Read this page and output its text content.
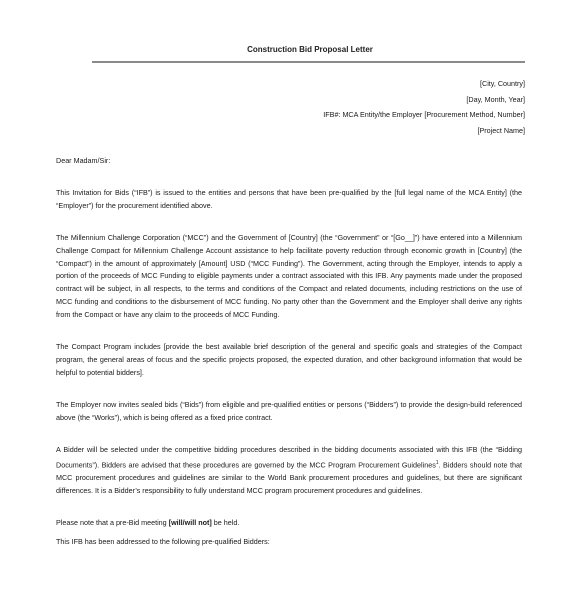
Construction Bid Proposal Letter
[City, Country]
[Day, Month, Year]
IFB#: MCA Entity/the Employer [Procurement Method, Number]
[Project Name]

Dear Madam/Sir:

This Invitation for Bids (“IFB”) is issued to the entities and persons that have been pre-qualified by the [full legal name of the MCA Entity] (the “Employer”) for the procurement identified above.

The Millennium Challenge Corporation (“MCC”) and the Government of [Country] (the “Government” or “[Go__]”) have entered into a Millennium Challenge Compact for Millennium Challenge Account assistance to help facilitate poverty reduction through economic growth in [Country] (the “Compact”) in the amount of approximately [Amount] USD (“MCC Funding”). The Government, acting through the Employer, intends to apply a portion of the proceeds of MCC Funding to eligible payments under a contract associated with this IFB. Any payments made under the proposed contract will be subject, in all respects, to the terms and conditions of the Compact and related documents, including restrictions on the use of MCC funding and conditions to the disbursement of MCC funding. No party other than the Government and the Employer shall derive any rights from the Compact or have any claim to the proceeds of MCC Funding.

The Compact Program includes [provide the best available brief description of the general and specific goals and strategies of the Compact program, the general areas of focus and the specific projects proposed, the expected duration, and other background information that would be helpful to potential bidders].

The Employer now invites sealed bids (“Bids”) from eligible and pre-qualified entities or persons (“Bidders”) to provide the design-build referenced above (the “Works”), which is being offered as a fixed price contract.

A Bidder will be selected under the competitive bidding procedures described in the bidding documents associated with this IFB (the “Bidding Documents”). Bidders are advised that these procedures are governed by the MCC Program Procurement Guidelines$^1$. Bidders should note that MCC procurement procedures and guidelines are similar to the World Bank procurement procedures and guidelines, but there are significant differences. It is a Bidder’s responsibility to fully understand MCC program procurement procedures and guidelines.

Please note that a pre-Bid meeting [will/will not] be held.

This IFB has been addressed to the following pre-qualified Bidders:
